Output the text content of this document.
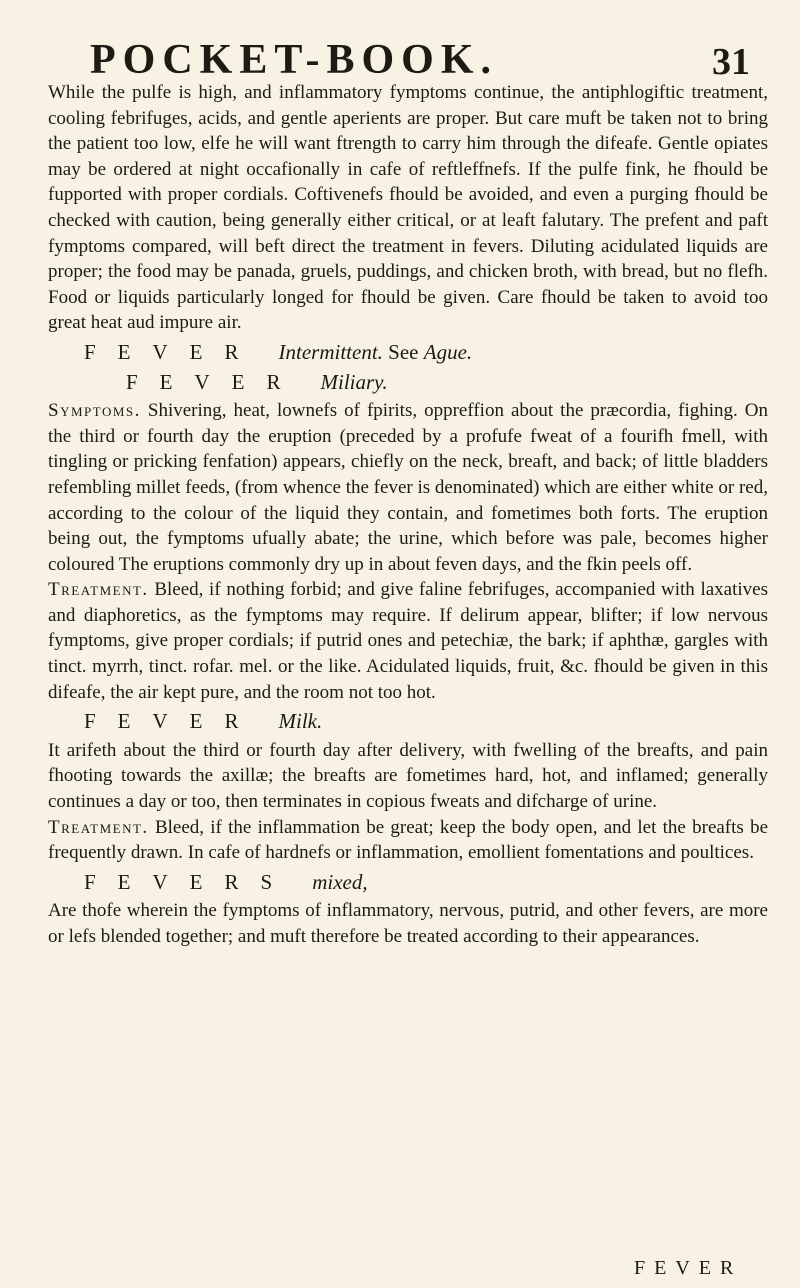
POCKET-BOOK.	31

While the pulfe is high, and inflammatory fymptoms continue, the antiphlogiftic treatment, cooling febrifuges, acids, and gentle aperients are proper. But care muft be taken not to bring the patient too low, elfe he will want ftrength to carry him through the difeafe. Gentle opiates may be ordered at night occafionally in cafe of reftleffnefs. If the pulfe fink, he fhould be fupported with proper cordials. Coftivenefs fhould be avoided, and even a purging fhould be checked with caution, being generally either critical, or at leaft falutary. The prefent and paft fymptoms compared, will beft direct the treatment in fevers. Diluting acidulated liquids are proper; the food may be panada, gruels, puddings, and chicken broth, with bread, but no flefh. Food or liquids particularly longed for fhould be given. Care fhould be taken to avoid too great heat aud impure air.

FEVER Intermittent. See Ague.
FEVER Miliary.

Symptoms. Shivering, heat, lownefs of fpirits, oppreffion about the præcordia, fighing. On the third or fourth day the eruption (preceded by a profufe fweat of a fourifh fmell, with tingling or pricking fenfation) appears, chiefly on the neck, breaft, and back; of little bladders refembling millet feeds, (from whence the fever is denominated) which are either white or red, according to the colour of the liquid they contain, and fometimes both forts. The eruption being out, the fymptoms ufually abate; the urine, which before was pale, becomes higher coloured The eruptions commonly dry up in about feven days, and the fkin peels off.

Treatment. Bleed, if nothing forbid; and give faline febrifuges, accompanied with laxatives and diaphoretics, as the fymptoms may require. If delirum appear, blifter; if low nervous fymptoms, give proper cordials; if putrid ones and petechiæ, the bark; if aphthæ, gargles with tinct. myrrh, tinct. rofar. mel. or the like. Acidulated liquids, fruit, &c. fhould be given in this difeafe, the air kept pure, and the room not too hot.

FEVER Milk.

It arifeth about the third or fourth day after delivery, with fwelling of the breafts, and pain fhooting towards the axillæ; the breafts are fometimes hard, hot, and inflamed; generally continues a day or too, then terminates in copious fweats and difcharge of urine.

Treatment. Bleed, if the inflammation be great; keep the body open, and let the breafts be frequently drawn. In cafe of hardnefs or inflammation, emollient fomentations and poultices.

FEVERS mixed,

Are thofe wherein the fymptoms of inflammatory, nervous, putrid, and other fevers, are more or lefs blended together; and muft therefore be treated according to their appearances.

FEVER
